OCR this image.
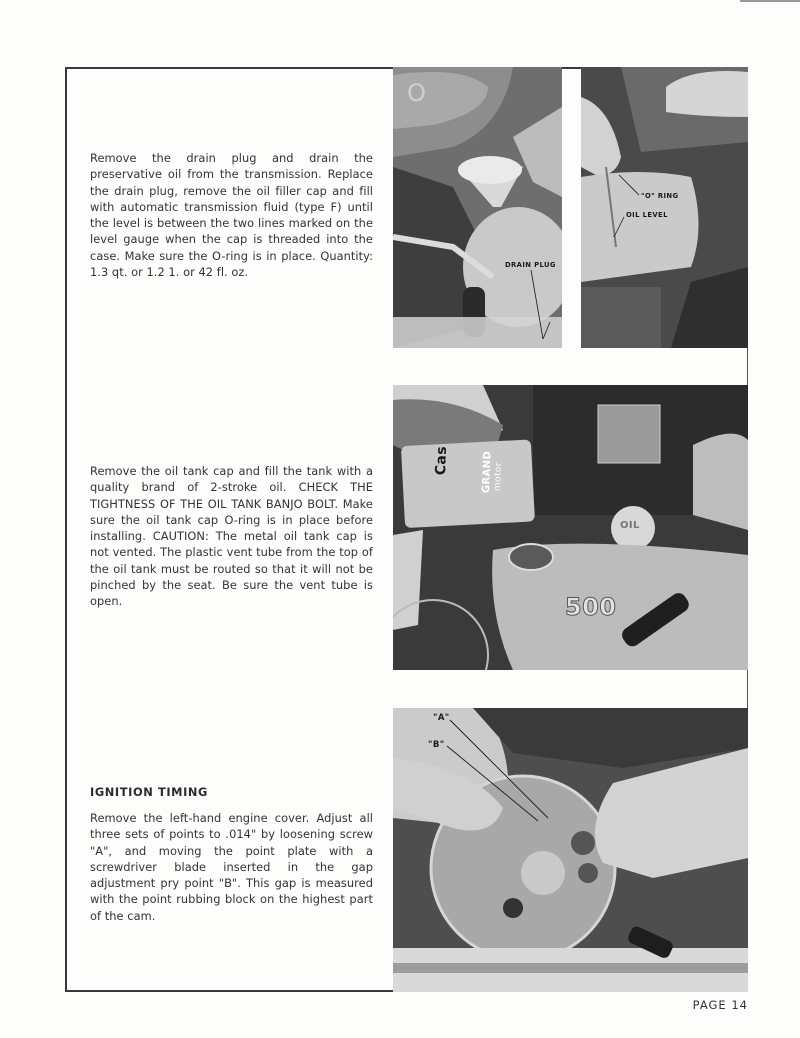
Remove the drain plug and drain the preservative oil from the transmission. Replace the drain plug, remove the oil filler cap and fill with automatic transmission fluid (type F) until the level is between the two lines marked on the level gauge when the cap is threaded into the case. Make sure the O-ring is in place. Quantity: 1.3 qt. or 1.2 1. or 42 fl. oz.

O
DRAIN PLUG
"O" RING
OIL LEVEL

Remove the oil tank cap and fill the tank with a quality brand of 2-stroke oil. CHECK THE TIGHTNESS OF THE OIL TANK BANJO BOLT. Make sure the oil tank cap O-ring is in place before installing. CAUTION: The metal oil tank cap is not vented. The plastic vent tube from the top of the oil tank must be routed so that it will not be pinched by the seat. Be sure the vent tube is open.

Cas	GRAND motor
OIL
500
IGNITION TIMING

Remove the left-hand engine cover. Adjust all three sets of points to .014" by loosening screw "A", and moving the point plate with a screwdriver blade inserted in the gap adjustment pry point "B". This gap is measured with the point rubbing block on the highest part of the cam.

"A"
"B"
PAGE 14
